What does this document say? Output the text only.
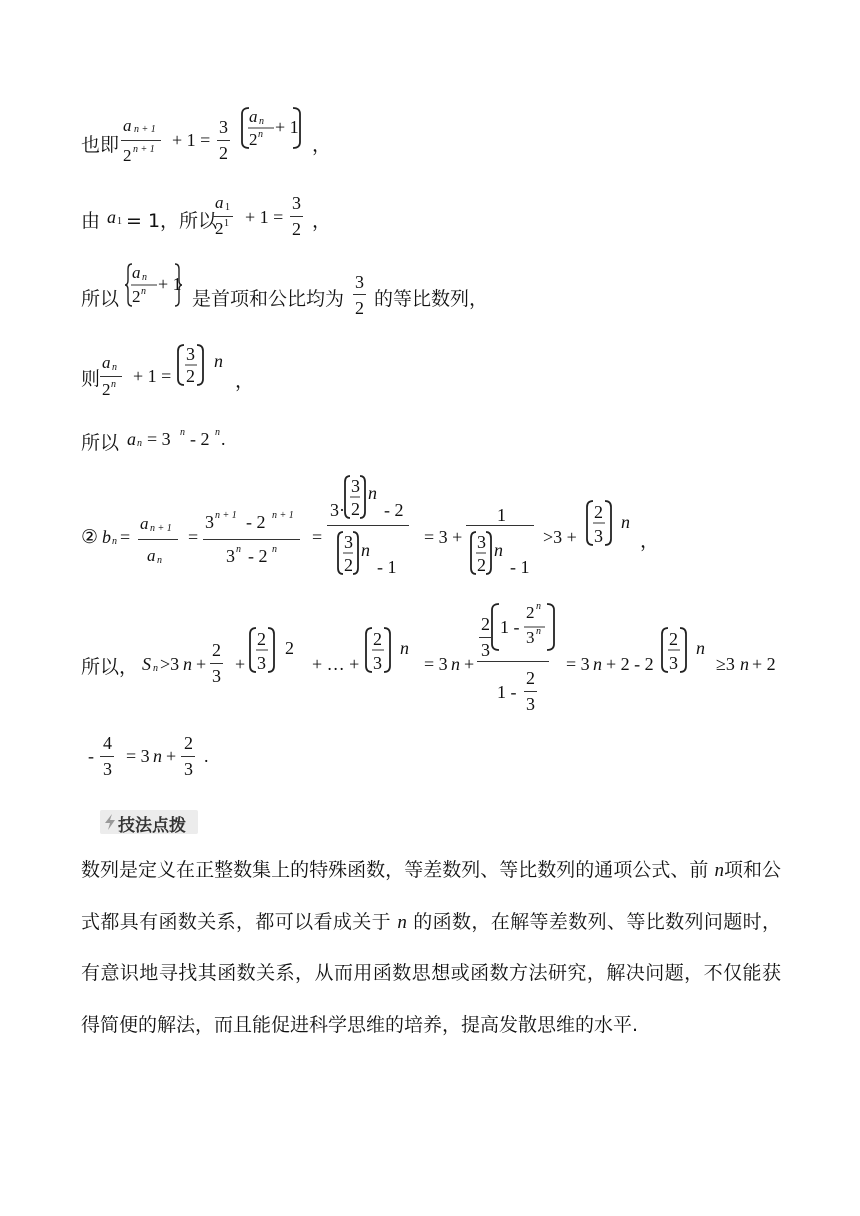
也即
a n + 1
2 n + 1 + 1 =
3
2
a n
2 n + 1
，
由 a 1 = 1，所以
a 1
2 1 + 1 =
3
2 ，
所以
a n
2 n + 1
是首项和公比均为
3
2 的等比数列，
则
a n
2 n + 1 =
3
2
n
，
所以 a n = 3 n - 2 n .
② b n =
a n + 1
a n
=
3 n + 1 - 2 n + 1
3 n - 2 n
=
3·
3
2
n
- 2
3
2
n
- 1
= 3 +
1
3
2
n
- 1
>3 +
2
3
n
，
所以， S n >3 n +
2
3
+
2
3
2
+ … +
2
3
n
= 3 n +
2
3
1 -
2 n
3 n
1 -
2
3
= 3 n + 2 - 2
2
3
n
≥3 n + 2
-
4
3
= 3 n +
2
3
.
技法点拨
数列是定义在正整数集上的特殊函数，等差数列、等比数列的通项公式、前 n项和公式都具有函数关系，都可以看成关于 n 的函数，在解等差数列、等比数列问题时，有意识地寻找其函数关系，从而用函数思想或函数方法研究，解决问题，不仅能获得简便的解法，而且能促进科学思维的培养，提高发散思维的水平.
